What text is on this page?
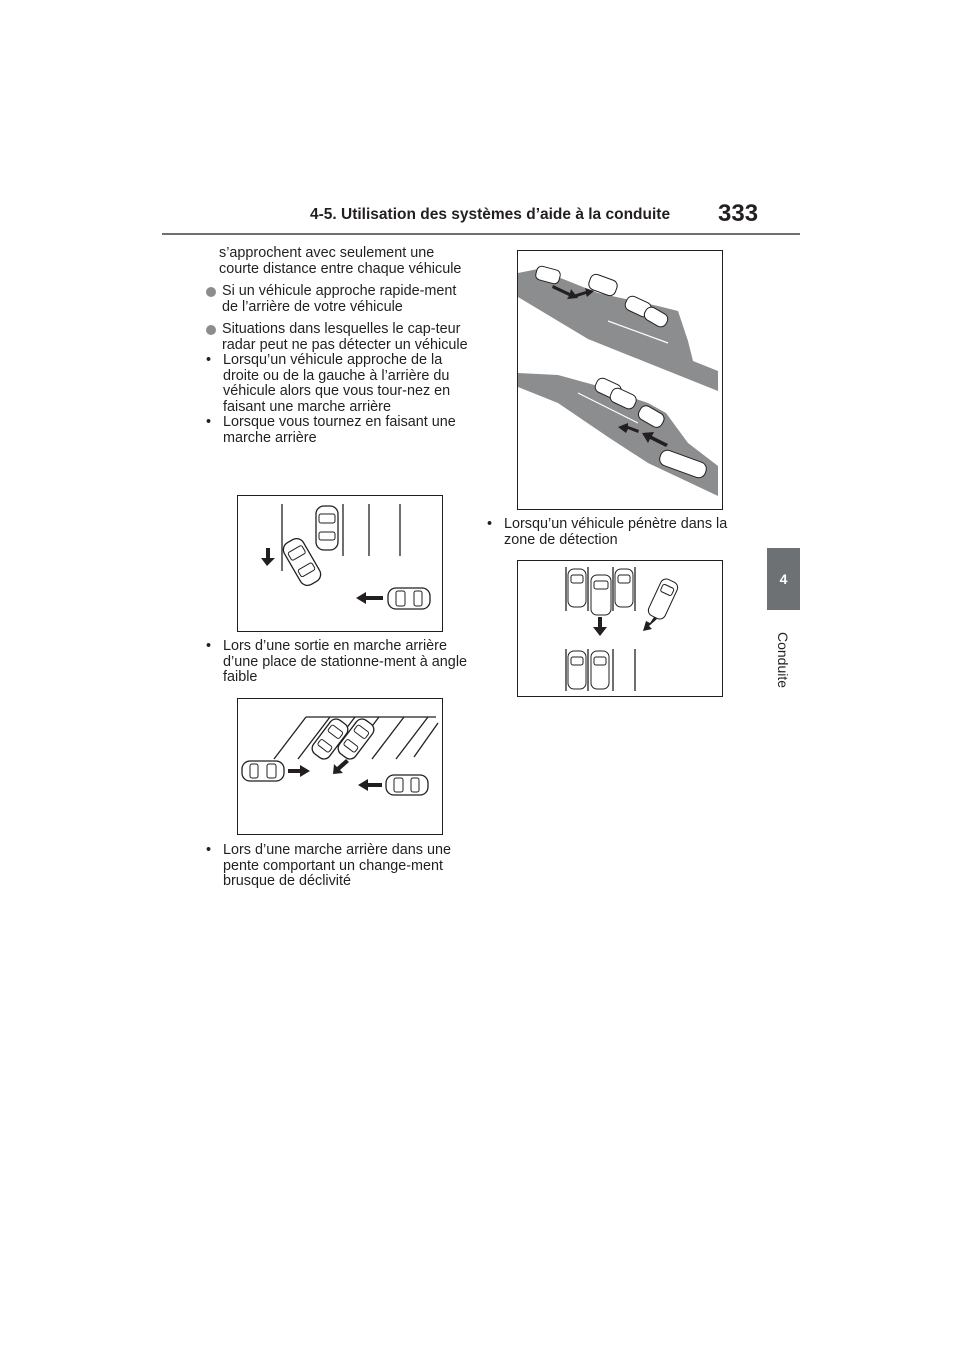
4-5. Utilisation des systèmes d’aide à la conduite 333
4
Conduite

s’approchent avec seulement une courte distance entre chaque véhicule

Si un véhicule approche rapide-ment de l’arrière de votre véhicule

Situations dans lesquelles le cap-teur radar peut ne pas détecter un véhicule

• Lorsqu’un véhicule approche de la droite ou de la gauche à l’arrière du véhicule alors que vous tour-nez en faisant une marche arrière

• Lorsque vous tournez en faisant une marche arrière

• Lors d’une sortie en marche arrière d’une place de stationne-ment à angle faible

• Lors d’une marche arrière dans une pente comportant un change-ment brusque de déclivité

• Lorsqu’un véhicule pénètre dans la zone de détection
